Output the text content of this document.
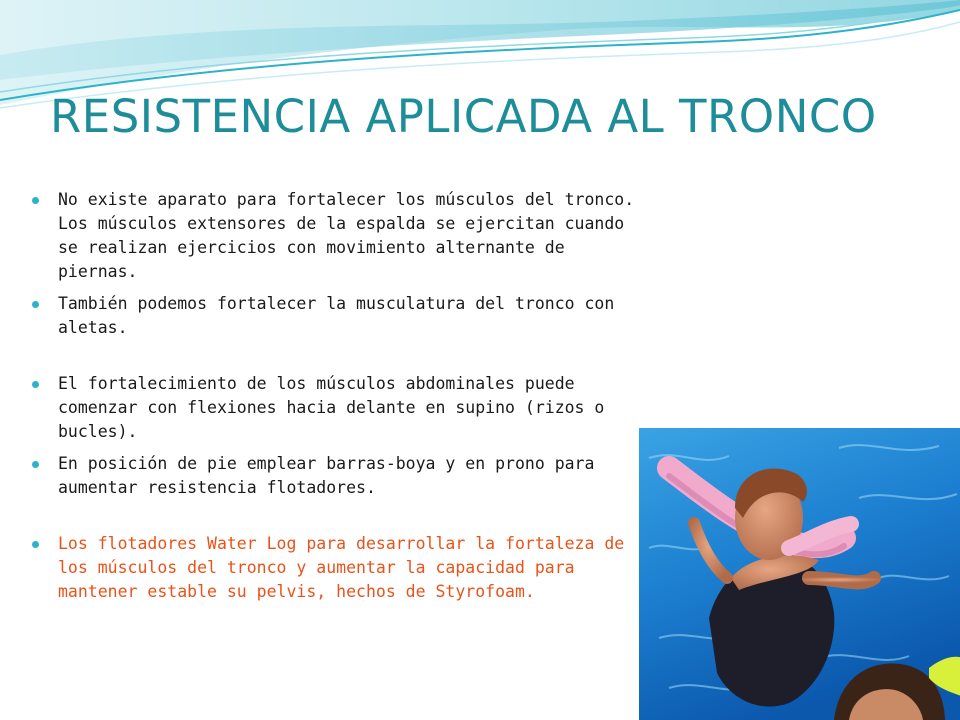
RESISTENCIA APLICADA AL TRONCO
No existe aparato para fortalecer los músculos del tronco.
Los músculos extensores de la espalda se ejercitan cuando se realizan ejercicios con movimiento alternante de piernas.
También podemos fortalecer la musculatura del tronco con aletas.
El fortalecimiento de los músculos abdominales puede comenzar con flexiones hacia delante en supino (rizos o bucles).
En posición de pie emplear barras-boya y en prono para aumentar resistencia flotadores.
Los flotadores Water Log para desarrollar la fortaleza de los músculos del tronco y aumentar la capacidad para mantener estable su pelvis, hechos de Styrofoam.
